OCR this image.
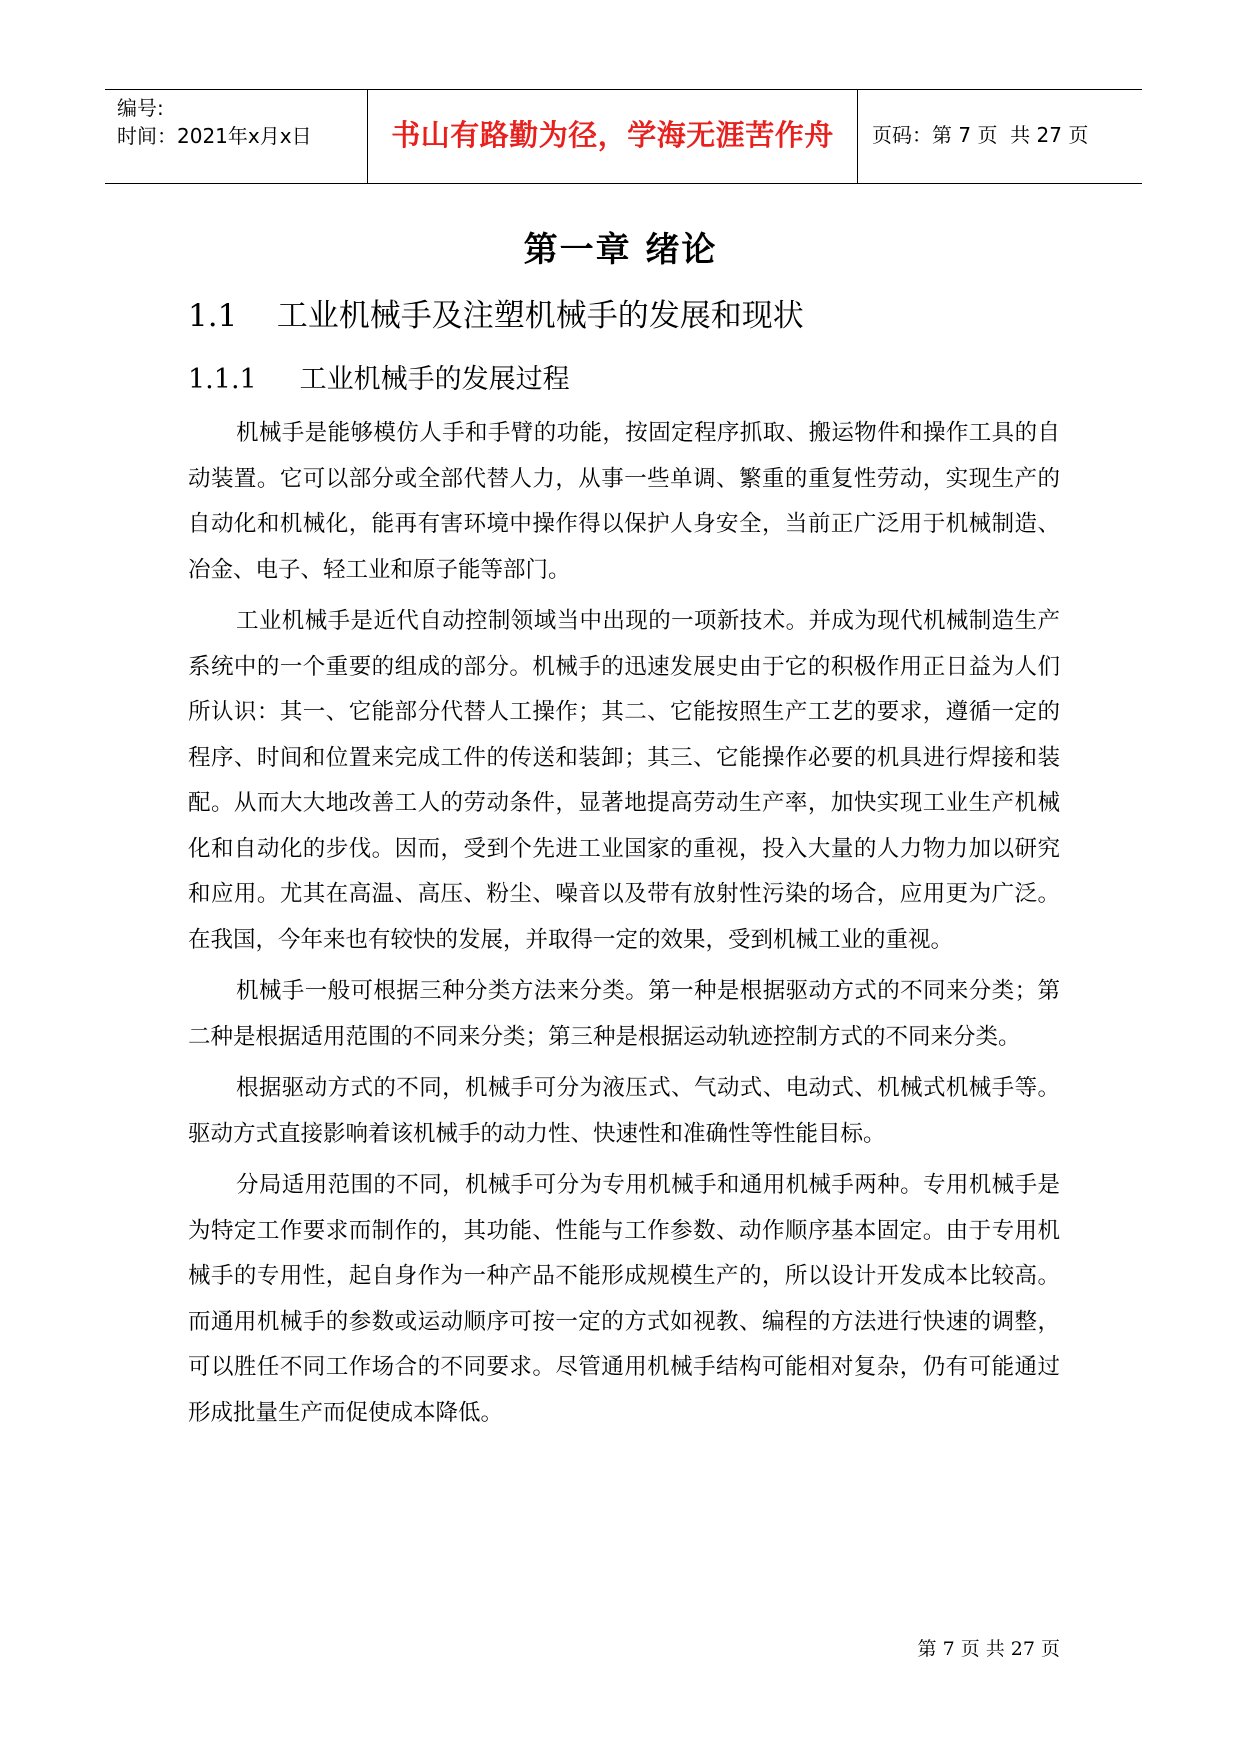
编号:
时间：2021年x月x日	书山有路勤为径，学海无涯苦作舟	页码：第 7 页  共 27 页
第一章 绪论
1.1    工业机械手及注塑机械手的发展和现状
1.1.1     工业机械手的发展过程

机械手是能够模仿人手和手臂的功能，按固定程序抓取、搬运物件和操作工具的自动装置。它可以部分或全部代替人力，从事一些单调、繁重的重复性劳动，实现生产的自动化和机械化，能再有害环境中操作得以保护人身安全，当前正广泛用于机械制造、冶金、电子、轻工业和原子能等部门。

工业机械手是近代自动控制领域当中出现的一项新技术。并成为现代机械制造生产系统中的一个重要的组成的部分。机械手的迅速发展史由于它的积极作用正日益为人们所认识：其一、它能部分代替人工操作；其二、它能按照生产工艺的要求，遵循一定的程序、时间和位置来完成工件的传送和装卸；其三、它能操作必要的机具进行焊接和装配。从而大大地改善工人的劳动条件，显著地提高劳动生产率，加快实现工业生产机械化和自动化的步伐。因而，受到个先进工业国家的重视，投入大量的人力物力加以研究和应用。尤其在高温、高压、粉尘、噪音以及带有放射性污染的场合，应用更为广泛。在我国，今年来也有较快的发展，并取得一定的效果，受到机械工业的重视。

机械手一般可根据三种分类方法来分类。第一种是根据驱动方式的不同来分类；第二种是根据适用范围的不同来分类；第三种是根据运动轨迹控制方式的不同来分类。

根据驱动方式的不同，机械手可分为液压式、气动式、电动式、机械式机械手等。驱动方式直接影响着该机械手的动力性、快速性和准确性等性能目标。

分局适用范围的不同，机械手可分为专用机械手和通用机械手两种。专用机械手是为特定工作要求而制作的，其功能、性能与工作参数、动作顺序基本固定。由于专用机械手的专用性，起自身作为一种产品不能形成规模生产的，所以设计开发成本比较高。而通用机械手的参数或运动顺序可按一定的方式如视教、编程的方法进行快速的调整，可以胜任不同工作场合的不同要求。尽管通用机械手结构可能相对复杂，仍有可能通过形成批量生产而促使成本降低。

第 7 页 共 27 页
